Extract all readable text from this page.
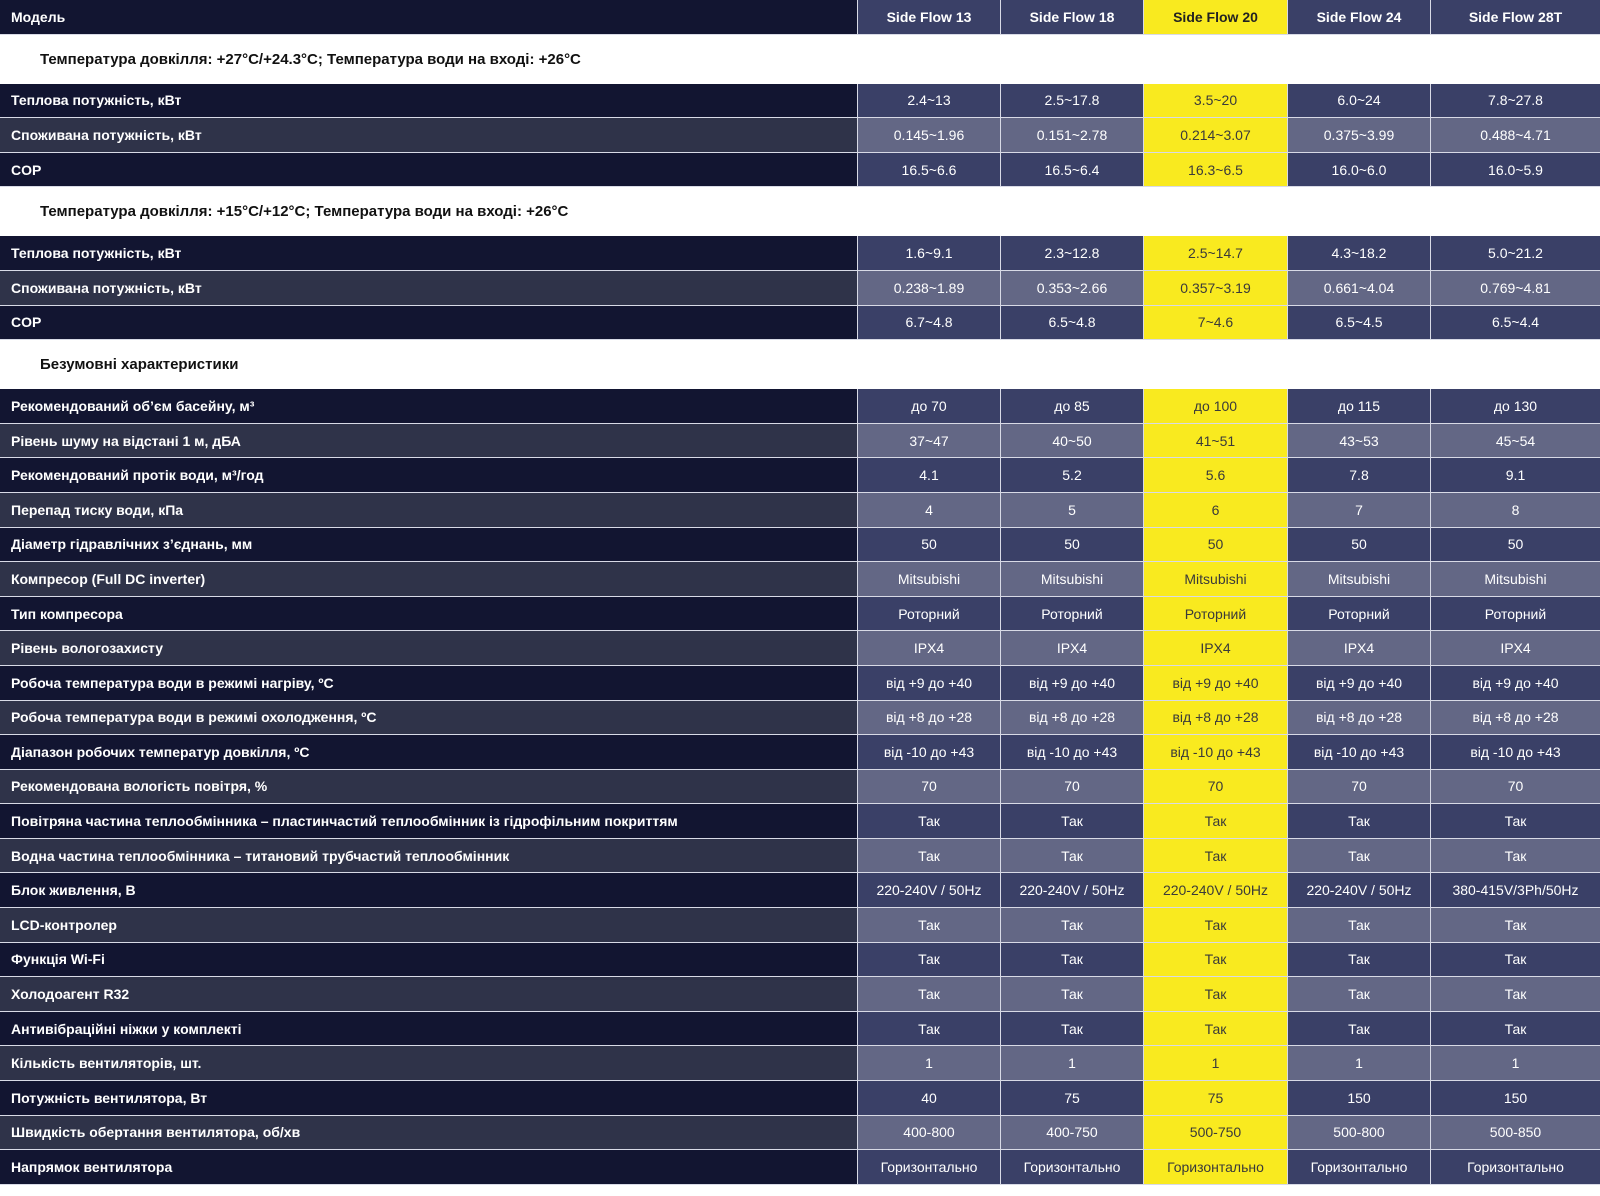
Модель	Side Flow 13	Side Flow 18	Side Flow 20	Side Flow 24	Side Flow 28T
Температура довкілля: +27°C/+24.3°C; Температура води на вході: +26°C
Теплова потужність, кВт	2.4~13	2.5~17.8	3.5~20	6.0~24	7.8~27.8
Споживана потужність, кВт	0.145~1.96	0.151~2.78	0.214~3.07	0.375~3.99	0.488~4.71
COP	16.5~6.6	16.5~6.4	16.3~6.5	16.0~6.0	16.0~5.9
Температура довкілля: +15°C/+12°C; Температура води на вході: +26°C
Теплова потужність, кВт	1.6~9.1	2.3~12.8	2.5~14.7	4.3~18.2	5.0~21.2
Споживана потужність, кВт	0.238~1.89	0.353~2.66	0.357~3.19	0.661~4.04	0.769~4.81
COP	6.7~4.8	6.5~4.8	7~4.6	6.5~4.5	6.5~4.4
Безумовні характеристики
Рекомендований об’єм басейну, м³	до 70	до 85	до 100	до 115	до 130
Рівень шуму на відстані 1 м, дБА	37~47	40~50	41~51	43~53	45~54
Рекомендований протік води, м³/год	4.1	5.2	5.6	7.8	9.1
Перепад тиску води, кПа	4	5	6	7	8
Діаметр гідравлічних з’єднань, мм	50	50	50	50	50
Компресор (Full DC inverter)	Mitsubishi	Mitsubishi	Mitsubishi	Mitsubishi	Mitsubishi
Тип компресора	Роторний	Роторний	Роторний	Роторний	Роторний
Рівень вологозахисту	IPX4	IPX4	IPX4	IPX4	IPX4
Робоча температура води в режимі нагріву, ºC	від +9 до +40	від +9 до +40	від +9 до +40	від +9 до +40	від +9 до +40
Робоча температура води в режимі охолодження, ºC	від +8 до +28	від +8 до +28	від +8 до +28	від +8 до +28	від +8 до +28
Діапазон робочих температур довкілля, ºC	від -10 до +43	від -10 до +43	від -10 до +43	від -10 до +43	від -10 до +43
Рекомендована вологість повітря, %	70	70	70	70	70
Повітряна частина теплообмінника – пластинчастий теплообмінник із гідрофільним покриттям	Так	Так	Так	Так	Так
Водна частина теплообмінника – титановий трубчастий теплообмінник	Так	Так	Так	Так	Так
Блок живлення, В	220-240V / 50Hz	220-240V / 50Hz	220-240V / 50Hz	220-240V / 50Hz	380-415V/3Ph/50Hz
LCD-контролер	Так	Так	Так	Так	Так
Функція Wi-Fi	Так	Так	Так	Так	Так
Холодоагент R32	Так	Так	Так	Так	Так
Антивібраційні ніжки у комплекті	Так	Так	Так	Так	Так
Кількість вентиляторів, шт.	1	1	1	1	1
Потужність вентилятора, Вт	40	75	75	150	150
Швидкість обертання вентилятора, об/хв	400-800	400-750	500-750	500-800	500-850
Напрямок вентилятора	Горизонтально	Горизонтально	Горизонтально	Горизонтально	Горизонтально
